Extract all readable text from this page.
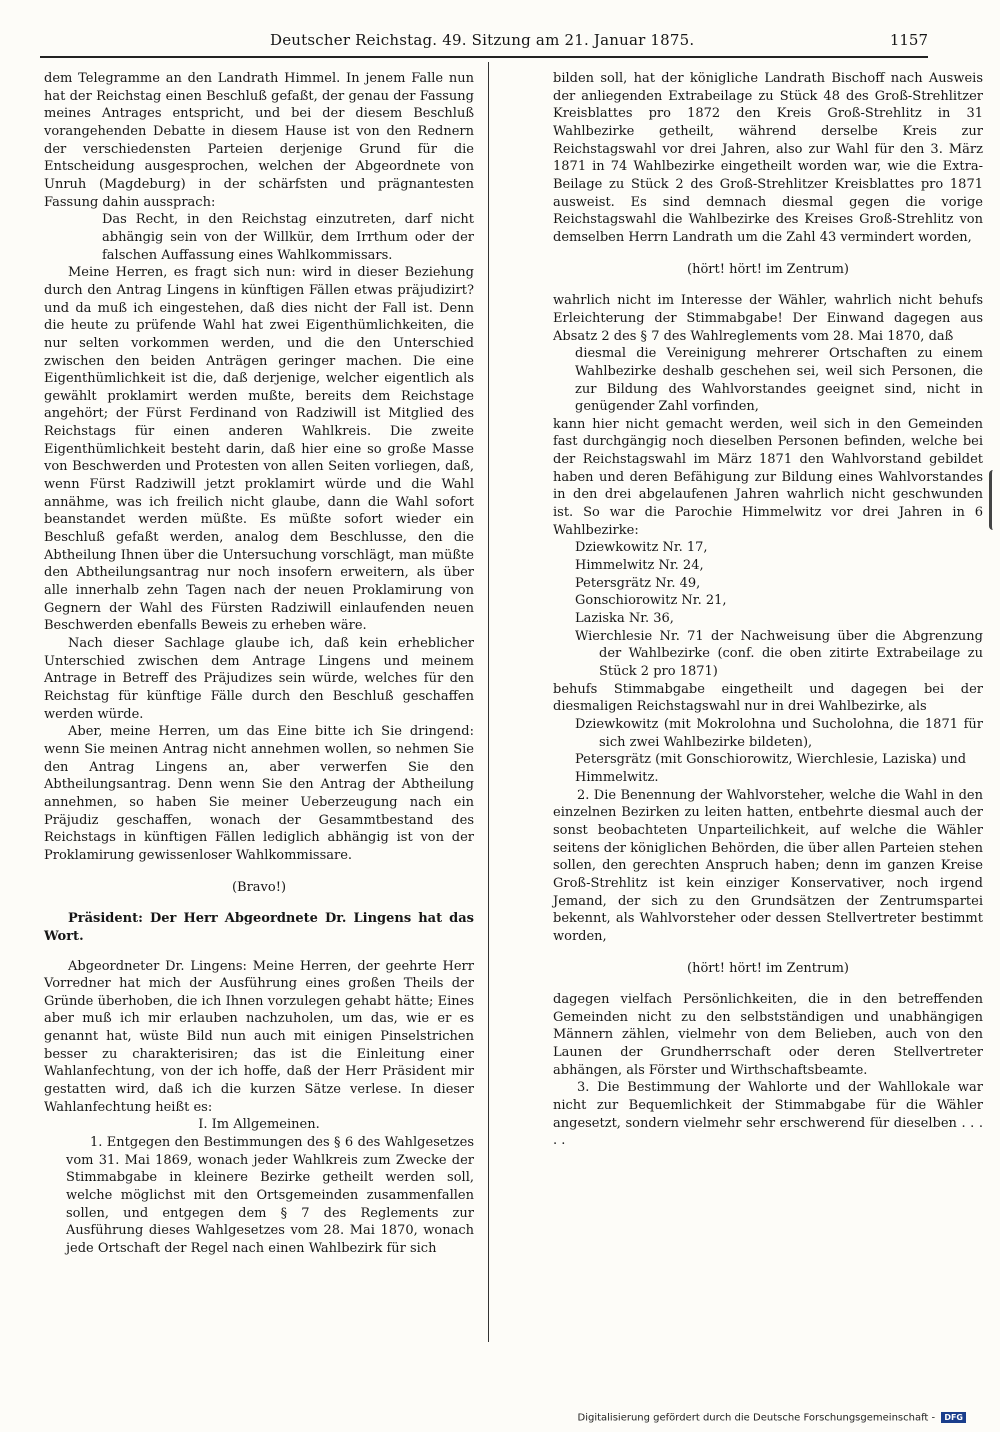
Deutscher Reichstag. 49. Sitzung am 21. Januar 1875.	1157

dem Telegramme an den Landrath Himmel. In jenem Falle nun hat der Reichstag einen Beschluß gefaßt, der genau der Fassung meines Antrages entspricht, und bei der diesem Beschluß vorangehenden Debatte in diesem Hause ist von den Rednern der verschiedensten Parteien derjenige Grund für die Entscheidung ausgesprochen, welchen der Abgeordnete von Unruh (Magdeburg) in der schärfsten und prägnantesten Fassung dahin aussprach:

Das Recht, in den Reichstag einzutreten, darf nicht abhängig sein von der Willkür, dem Irrthum oder der falschen Auffassung eines Wahlkommissars.

Meine Herren, es fragt sich nun: wird in dieser Beziehung durch den Antrag Lingens in künftigen Fällen etwas präjudizirt? und da muß ich eingestehen, daß dies nicht der Fall ist. Denn die heute zu prüfende Wahl hat zwei Eigenthümlichkeiten, die nur selten vorkommen werden, und die den Unterschied zwischen den beiden Anträgen geringer machen. Die eine Eigenthümlichkeit ist die, daß derjenige, welcher eigentlich als gewählt proklamirt werden mußte, bereits dem Reichstage angehört; der Fürst Ferdinand von Radziwill ist Mitglied des Reichstags für einen anderen Wahlkreis. Die zweite Eigenthümlichkeit besteht darin, daß hier eine so große Masse von Beschwerden und Protesten von allen Seiten vorliegen, daß, wenn Fürst Radziwill jetzt proklamirt würde und die Wahl annähme, was ich freilich nicht glaube, dann die Wahl sofort beanstandet werden müßte. Es müßte sofort wieder ein Beschluß gefaßt werden, analog dem Beschlusse, den die Abtheilung Ihnen über die Untersuchung vorschlägt, man müßte den Abtheilungsantrag nur noch insofern erweitern, als über alle innerhalb zehn Tagen nach der neuen Proklamirung von Gegnern der Wahl des Fürsten Radziwill einlaufenden neuen Beschwerden ebenfalls Beweis zu erheben wäre.

Nach dieser Sachlage glaube ich, daß kein erheblicher Unterschied zwischen dem Antrage Lingens und meinem Antrage in Betreff des Präjudizes sein würde, welches für den Reichstag für künftige Fälle durch den Beschluß geschaffen werden würde.

Aber, meine Herren, um das Eine bitte ich Sie dringend: wenn Sie meinen Antrag nicht annehmen wollen, so nehmen Sie den Antrag Lingens an, aber verwerfen Sie den Abtheilungsantrag. Denn wenn Sie den Antrag der Abtheilung annehmen, so haben Sie meiner Ueberzeugung nach ein Präjudiz geschaffen, wonach der Gesammtbestand des Reichstags in künftigen Fällen lediglich abhängig ist von der Proklamirung gewissenloser Wahlkommissare.

(Bravo!)

Präsident: Der Herr Abgeordnete Dr. Lingens hat das Wort.

Abgeordneter Dr. Lingens: Meine Herren, der geehrte Herr Vorredner hat mich der Ausführung eines großen Theils der Gründe überhoben, die ich Ihnen vorzulegen gehabt hätte; Eines aber muß ich mir erlauben nachzuholen, um das, wie er es genannt hat, wüste Bild nun auch mit einigen Pinselstrichen besser zu charakterisiren; das ist die Einleitung einer Wahlanfechtung, von der ich hoffe, daß der Herr Präsident mir gestatten wird, daß ich die kurzen Sätze verlese. In dieser Wahlanfechtung heißt es:

I. Im Allgemeinen.

1. Entgegen den Bestimmungen des § 6 des Wahlgesetzes vom 31. Mai 1869, wonach jeder Wahlkreis zum Zwecke der Stimmabgabe in kleinere Bezirke getheilt werden soll, welche möglichst mit den Ortsgemeinden zusammenfallen sollen, und entgegen dem § 7 des Reglements zur Ausführung dieses Wahlgesetzes vom 28. Mai 1870, wonach jede Ortschaft der Regel nach einen Wahlbezirk für sich

bilden soll, hat der königliche Landrath Bischoff nach Ausweis der anliegenden Extrabeilage zu Stück 48 des Groß-Strehlitzer Kreisblattes pro 1872 den Kreis Groß-Strehlitz in 31 Wahlbezirke getheilt, während derselbe Kreis zur Reichstagswahl vor drei Jahren, also zur Wahl für den 3. März 1871 in 74 Wahlbezirke eingetheilt worden war, wie die Extra-Beilage zu Stück 2 des Groß-Strehlitzer Kreisblattes pro 1871 ausweist. Es sind demnach diesmal gegen die vorige Reichstagswahl die Wahlbezirke des Kreises Groß-Strehlitz von demselben Herrn Landrath um die Zahl 43 vermindert worden,

(hört! hört! im Zentrum)

wahrlich nicht im Interesse der Wähler, wahrlich nicht behufs Erleichterung der Stimmabgabe! Der Einwand dagegen aus Absatz 2 des § 7 des Wahlreglements vom 28. Mai 1870, daß

diesmal die Vereinigung mehrerer Ortschaften zu einem Wahlbezirke deshalb geschehen sei, weil sich Personen, die zur Bildung des Wahlvorstandes geeignet sind, nicht in genügender Zahl vorfinden,

kann hier nicht gemacht werden, weil sich in den Gemeinden fast durchgängig noch dieselben Personen befinden, welche bei der Reichstagswahl im März 1871 den Wahlvorstand gebildet haben und deren Befähigung zur Bildung eines Wahlvorstandes in den drei abgelaufenen Jahren wahrlich nicht geschwunden ist. So war die Parochie Himmelwitz vor drei Jahren in 6 Wahlbezirke:

Dziewkowitz Nr. 17,

Himmelwitz Nr. 24,

Petersgrätz Nr. 49,

Gonschiorowitz Nr. 21,

Laziska Nr. 36,

Wierchlesie Nr. 71 der Nachweisung über die Abgrenzung der Wahlbezirke (conf. die oben zitirte Extrabeilage zu Stück 2 pro 1871)

behufs Stimmabgabe eingetheilt und dagegen bei der diesmaligen Reichstagswahl nur in drei Wahlbezirke, als

Dziewkowitz (mit Mokrolohna und Sucholohna, die 1871 für sich zwei Wahlbezirke bildeten),

Petersgrätz (mit Gonschiorowitz, Wierchlesie, Laziska) und

Himmelwitz.

2. Die Benennung der Wahlvorsteher, welche die Wahl in den einzelnen Bezirken zu leiten hatten, entbehrte diesmal auch der sonst beobachteten Unparteilichkeit, auf welche die Wähler seitens der königlichen Behörden, die über allen Parteien stehen sollen, den gerechten Anspruch haben; denn im ganzen Kreise Groß-Strehlitz ist kein einziger Konservativer, noch irgend Jemand, der sich zu den Grundsätzen der Zentrumspartei bekennt, als Wahlvorsteher oder dessen Stellvertreter bestimmt worden,

(hört! hört! im Zentrum)

dagegen vielfach Persönlichkeiten, die in den betreffenden Gemeinden nicht zu den selbstständigen und unabhängigen Männern zählen, vielmehr von dem Belieben, auch von den Launen der Grundherrschaft oder deren Stellvertreter abhängen, als Förster und Wirthschaftsbeamte.

3. Die Bestimmung der Wahlorte und der Wahllokale war nicht zur Bequemlichkeit der Stimmabgabe für die Wähler angesetzt, sondern vielmehr sehr erschwerend für dieselben . . . . .

Digitalisierung gefördert durch die Deutsche Forschungsgemeinschaft - DFG
